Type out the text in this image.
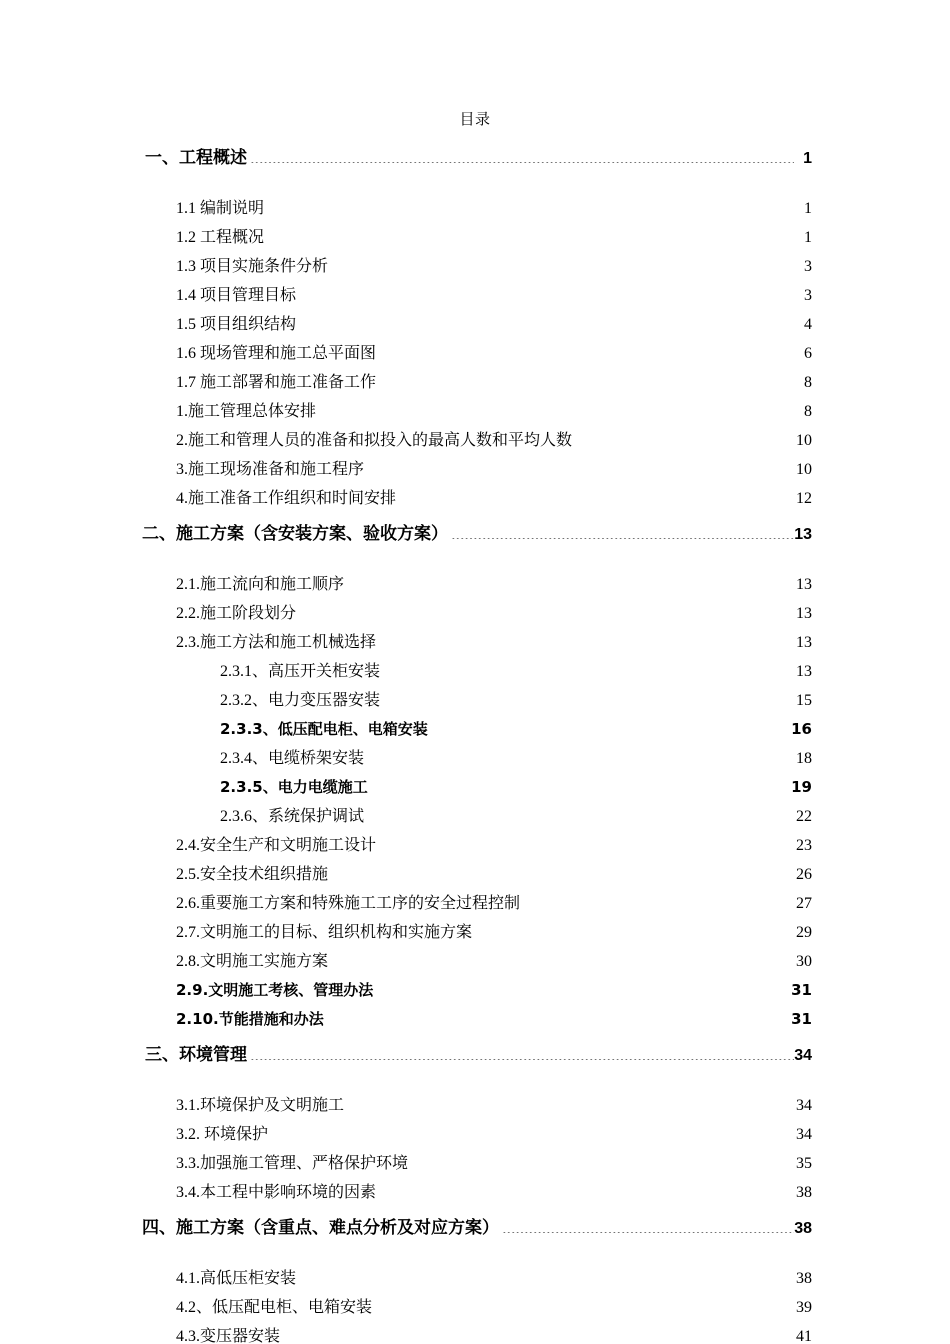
目录
一、工程概述  .....	1
1.1 编制说明  .....	1
1.2 工程概况  .....	1
1.3 项目实施条件分析  .....	3
1.4 项目管理目标  .....	3
1.5 项目组织结构  .....	4
1.6 现场管理和施工总平面图  .....	6
1.7 施工部署和施工准备工作  .....	8
1.施工管理总体安排  .....	8
2.施工和管理人员的准备和拟投入的最高人数和平均人数  .....	10
3.施工现场准备和施工程序  .....	10
4.施工准备工作组织和时间安排  .....	12
二、施工方案（含安装方案、验收方案）  .....	13
2.1.施工流向和施工顺序  .....	13
2.2.施工阶段划分  .....	13
2.3.施工方法和施工机械选择  .....	13
2.3.1、高压开关柜安装  .....	13
2.3.2、电力变压器安装  .....	15
2.3.3、低压配电柜、电箱安装  .....	16
2.3.4、电缆桥架安装  .....	18
2.3.5、电力电缆施工  .....	19
2.3.6、系统保护调试  .....	22
2.4.安全生产和文明施工设计  .....	23
2.5.安全技术组织措施  .....	26
2.6.重要施工方案和特殊施工工序的安全过程控制  .....	27
2.7.文明施工的目标、组织机构和实施方案  .....	29
2.8.文明施工实施方案  .....	30
2.9.文明施工考核、管理办法  .....	31
2.10.节能措施和办法  .....	31
三、环境管理  .....	34
3.1.环境保护及文明施工  .....	34
3.2. 环境保护  .....	34
3.3.加强施工管理、严格保护环境  .....	35
3.4.本工程中影响环境的因素  .....	38
四、施工方案（含重点、难点分析及对应方案）  .....	38
4.1.高低压柜安装  .....	38
4.2、低压配电柜、电箱安装  .....	39
4.3.变压器安装  .....	41
